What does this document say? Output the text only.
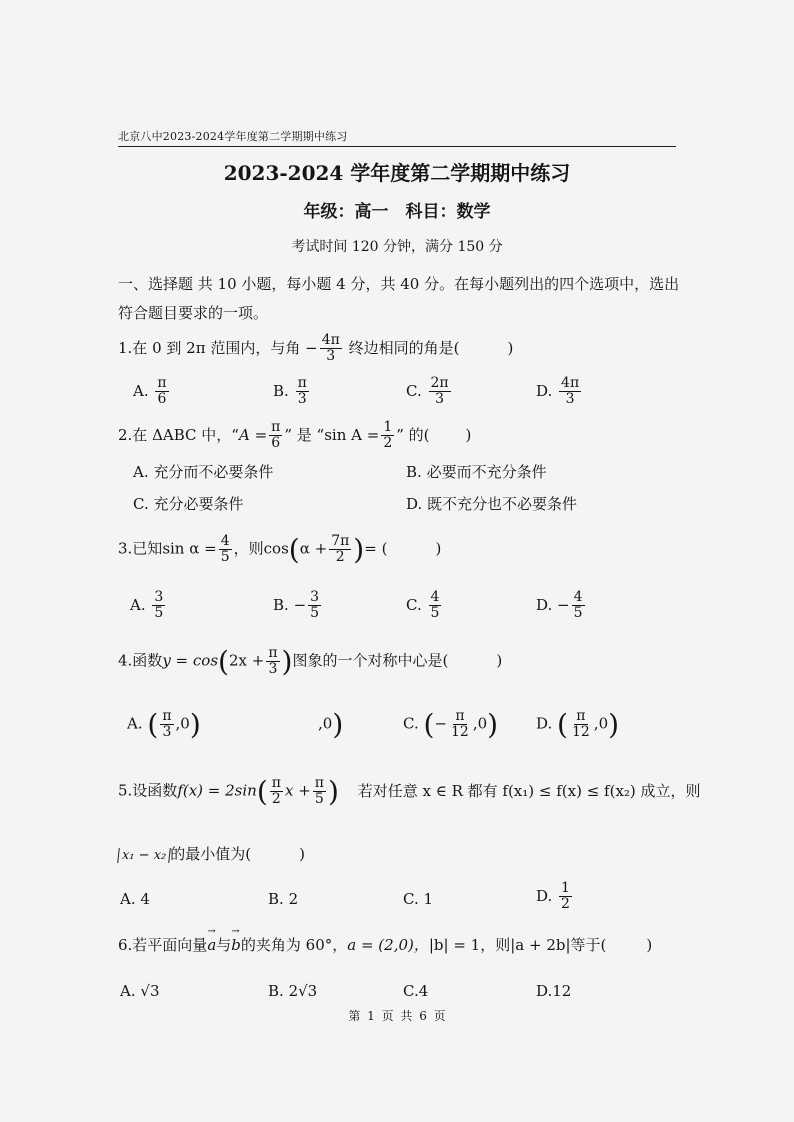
北京八中2023-2024学年度第二学期期中练习
2023-2024 学年度第二学期期中练习
年级：高一　科目：数学
考试时间 120 分钟，满分 150 分
一、选择题 共 10 小题，每小题 4 分，共 40 分。在每小题列出的四个选项中，选出
符合题目要求的一项。
1.在 0 到 2π 范围内，与角 − $\frac{4\pi}{3}$ 终边相同的角是(	)
A. $\frac{\pi}{6}$	B. $\frac{\pi}{3}$	C. $\frac{2\pi}{3}$	D. $\frac{4\pi}{3}$
2.在 ΔABC 中，“$A = \frac{\pi}{6}$ ” 是 “sin $A = \frac{1}{2}$ ” 的( )
A. 充分而不必要条件	B. 必要而不充分条件
C. 充分必要条件	D. 既不充分也不必要条件
3.已知$\sin \alpha = \frac{4}{5}$ ，则$\cos(\alpha + \frac{7\pi}{2}$ )= (	)
A. $\frac{3}{5}$	B. − $\frac{3}{5}$	C. $\frac{4}{5}$	D. − $\frac{4}{5}$
4.函数$y = \cos(2x + \frac{\pi}{3}$ )图象的一个对称中心是(	)
A. ( $\frac{\pi}{3} ,0$)	,0)	C. (− $\frac{\pi}{12} ,0$)	D. ( $\frac{\pi}{12} ,0$)
5.设函数$f(x) = 2\sin( \frac{\pi}{2}$ $x + \frac{\pi}{5}$ ) 若对任意 x ∈ R 都有 f(x₁) ≤ f(x) ≤ f(x₂) 成立，则
x₁ − x₂ 的最小值为(	)
A. 4	B. 2	C. 1	D. $\frac{1}{2}$
6.若平面向量→ a与→ b的夹角为 60°，a = (2,0)，|b| = 1，则|a + 2b|等于(	)
A. √3	B. 2√3	C.4	D.12
第 1 页 共 6 页
